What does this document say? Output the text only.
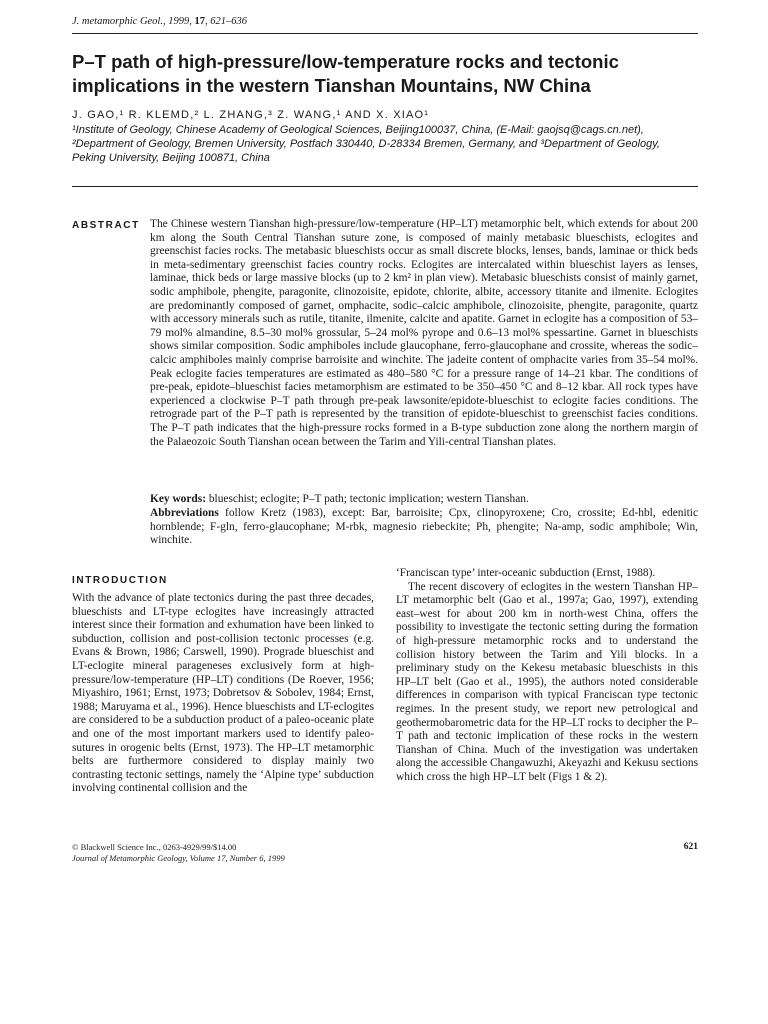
J. metamorphic Geol., 1999, 17, 621–636
P–T path of high-pressure/low-temperature rocks and tectonic implications in the western Tianshan Mountains, NW China
J. GAO,¹ R. KLEMD,² L. ZHANG,³ Z. WANG,¹ AND X. XIAO¹
¹Institute of Geology, Chinese Academy of Geological Sciences, Beijing100037, China, (E-Mail: gaojsq@cags.cn.net),
²Department of Geology, Bremen University, Postfach 330440, D-28334 Bremen, Germany, and ³Department of Geology,
Peking University, Beijing 100871, China
ABSTRACT The Chinese western Tianshan high-pressure/low-temperature (HP–LT) metamorphic belt, which extends for about 200 km along the South Central Tianshan suture zone, is composed of mainly metabasic blueschists, eclogites and greenschist facies rocks. The metabasic blueschists occur as small discrete blocks, lenses, bands, laminae or thick beds in meta-sedimentary greenschist facies country rocks. Eclogites are intercalated within blueschist layers as lenses, laminae, thick beds or large massive blocks (up to 2 km² in plan view). Metabasic blueschists consist of mainly garnet, sodic amphibole, phengite, paragonite, clinozoisite, epidote, chlorite, albite, accessory titanite and ilmenite. Eclogites are predominantly composed of garnet, omphacite, sodic–calcic amphibole, clinozoisite, phengite, paragonite, quartz with accessory minerals such as rutile, titanite, ilmenite, calcite and apatite. Garnet in eclogite has a composition of 53–79 mol% almandine, 8.5–30 mol% grossular, 5–24 mol% pyrope and 0.6–13 mol% spessartine. Garnet in blueschists shows similar composition. Sodic amphiboles include glaucophane, ferro-glaucophane and crossite, whereas the sodic–calcic amphiboles mainly comprise barroisite and winchite. The jadeite content of omphacite varies from 35–54 mol%. Peak eclogite facies temperatures are estimated as 480–580 °C for a pressure range of 14–21 kbar. The conditions of pre-peak, epidote–blueschist facies metamorphism are estimated to be 350–450 °C and 8–12 kbar. All rock types have experienced a clockwise P–T path through pre-peak lawsonite/epidote-blueschist to eclogite facies conditions. The retrograde part of the P–T path is represented by the transition of epidote-blueschist to greenschist facies conditions. The P–T path indicates that the high-pressure rocks formed in a B-type subduction zone along the northern margin of the Palaeozoic South Tianshan ocean between the Tarim and Yili-central Tianshan plates.

Key words: blueschist; eclogite; P–T path; tectonic implication; western Tianshan.
Abbreviations follow Kretz (1983), except: Bar, barroisite; Cpx, clinopyroxene; Cro, crossite; Ed-hbl, edenitic hornblende; F-gln, ferro-glaucophane; M-rbk, magnesio riebeckite; Ph, phengite; Na-amp, sodic amphibole; Win, winchite.
INTRODUCTION

With the advance of plate tectonics during the past three decades, blueschists and LT-type eclogites have increasingly attracted interest since their formation and exhumation have been linked to subduction, collision and post-collision tectonic processes (e.g. Evans & Brown, 1986; Carswell, 1990). Prograde blueschist and LT-eclogite mineral parageneses exclusively form at high-pressure/low-temperature (HP–LT) conditions (De Roever, 1956; Miyashiro, 1961; Ernst, 1973; Dobretsov & Sobolev, 1984; Ernst, 1988; Maruyama et al., 1996). Hence blueschists and LT-eclogites are considered to be a subduction product of a paleo-oceanic plate and one of the most important markers used to identify paleo-sutures in orogenic belts (Ernst, 1973). The HP–LT metamorphic belts are furthermore considered to display mainly two contrasting tectonic settings, namely the ‘Alpine type’ subduction involving continental collision and the

‘Franciscan type’ inter-oceanic subduction (Ernst, 1988).

The recent discovery of eclogites in the western Tianshan HP–LT metamorphic belt (Gao et al., 1997a; Gao, 1997), extending east–west for about 200 km in north-west China, offers the possibility to investigate the tectonic setting during the formation of high-pressure metamorphic rocks and to understand the collision history between the Tarim and Yili blocks. In a preliminary study on the Kekesu metabasic blueschists in this HP–LT belt (Gao et al., 1995), the authors noted considerable differences in comparison with typical Franciscan type tectonic regimes. In the present study, we report new petrological and geothermobarometric data for the HP–LT rocks to decipher the P–T path and tectonic implication of these rocks in the western Tianshan of China. Much of the investigation was undertaken along the accessible Changawuzhi, Akeyazhi and Kekusu sections which cross the high HP–LT belt (Figs 1 & 2).

© Blackwell Science Inc., 0263-4929/99/$14.00
Journal of Metamorphic Geology, Volume 17, Number 6, 1999
621
